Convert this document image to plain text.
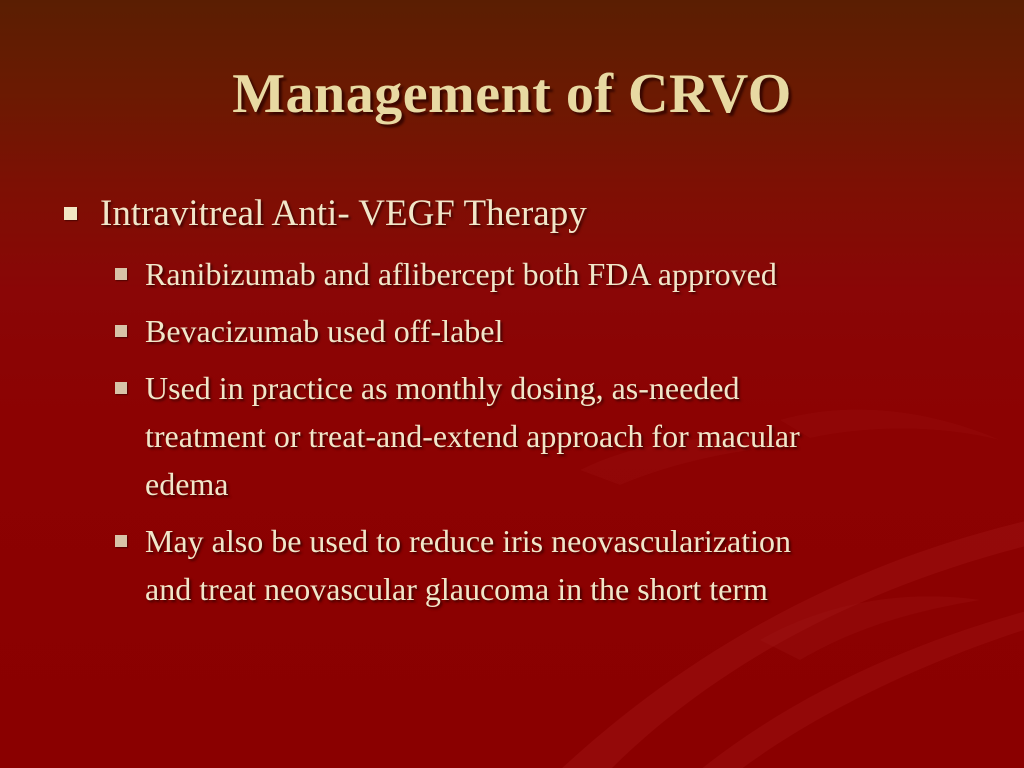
Management of CRVO
Intravitreal Anti- VEGF Therapy
Ranibizumab and aflibercept both FDA approved
Bevacizumab used off-label
Used in practice as monthly dosing, as-needed
treatment or treat-and-extend approach for macular
edema
May also be used to reduce iris neovascularization
and treat neovascular glaucoma in the short term
